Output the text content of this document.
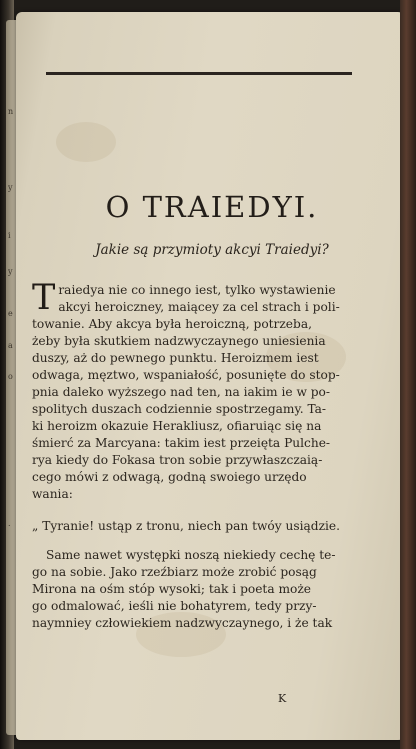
n
y
i
y
e
a
o
.
O TRAIEDYI.
Jakie są przymioty akcyi Traiedyi?
T raiedya nie co innego iest, tylko wystawienie
akcyi heroiczney, maiącey za cel strach i poli-
towanie. Aby akcya była heroiczną, potrzeba,
żeby była skutkiem nadzwyczaynego uniesienia
duszy, aż do pewnego punktu. Heroizmem iest
odwaga, męztwo, wspaniałość, posunięte do stop-
pnia daleko wyższego nad ten, na iakim ie w po-
spolitych duszach codziennie spostrzegamy. Ta-
ki heroizm okazuie Herakliusz, ofiaruiąc się na
śmierć za Marcyana: takim iest przeięta Pulche-
rya kiedy do Fokasa tron sobie przywłaszczaią-
cego mówi z odwagą, godną swoiego urzędo
wania:
„ Tyranie! ustąp z tronu, niech pan twóy usiądzie.
Same nawet występki noszą niekiedy cechę te-
go na sobie. Jako rzeźbiarz może zrobić posąg
Mirona na ośm stóp wysoki; tak i poeta może
go odmalować, ieśli nie bohatyrem, tedy przy-
naymniey człowiekiem nadzwyczaynego, i że tak
K
